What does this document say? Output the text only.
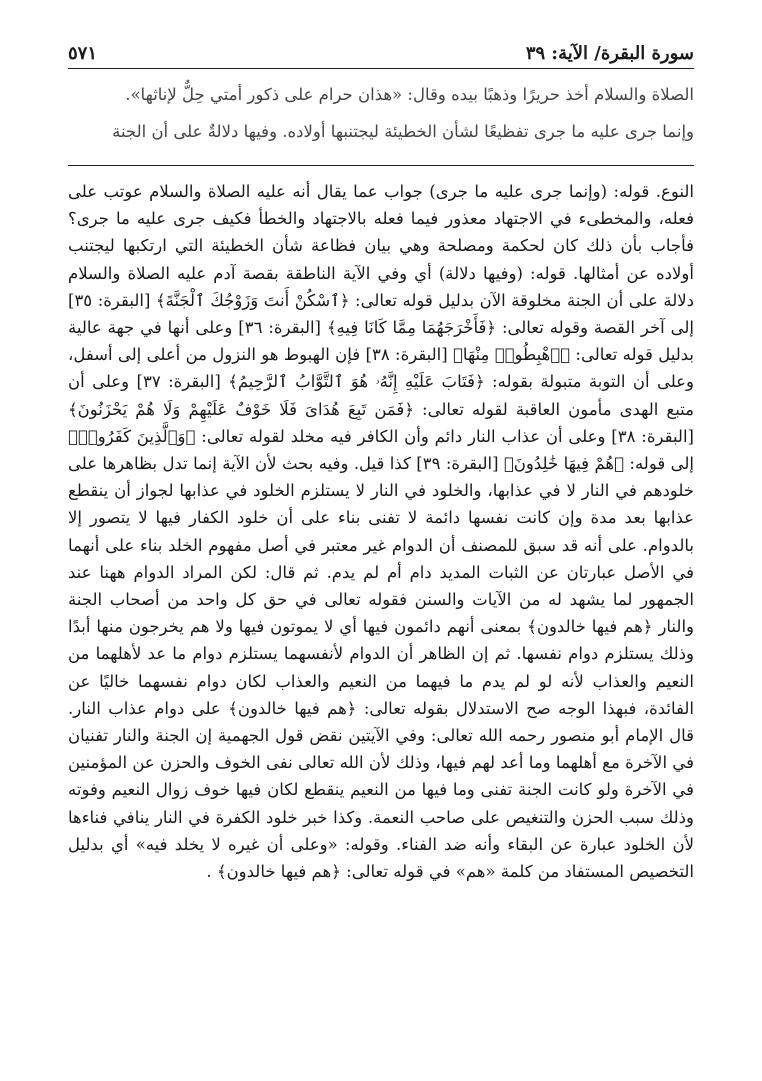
سورة البقرة/ الآية: ٣٩
٥٧١

الصلاة والسلام أخذ حريرًا وذهبًا بيده وقال: «هذان حرام على ذكور أمتي حِلٌّ لإناثها».

وإنما جرى عليه ما جرى تفظيعًا لشأن الخطيئة ليجتنبها أولاده. وفيها دلالةٌ على أن الجنة

النوع. قوله: (وإنما جرى عليه ما جرى) جواب عما يقال أنه عليه الصلاة والسلام عوتب على فعله، والمخطىء في الاجتهاد معذور فيما فعله بالاجتهاد والخطأ فكيف جرى عليه ما جرى؟ فأجاب بأن ذلك كان لحكمة ومصلحة وهي بيان فظاعة شأن الخطيئة التي ارتكبها ليجتنب أولاده عن أمثالها. قوله: (وفيها دلالة) أي وفي الآية الناطقة بقصة آدم عليه الصلاة والسلام دلالة على أن الجنة مخلوقة الآن بدليل قوله تعالى: ﴿ٱسْكُنْ أَنتَ وَزَوْجُكَ ٱلْجَنَّةَ﴾ [البقرة: ٣٥] إلى آخر القصة وقوله تعالى: ﴿فَأَخْرَجَهُمَا مِمَّا كَانَا فِيهِ﴾ [البقرة: ٣٦] وعلى أنها في جهة عالية بدليل قوله تعالى: ﴿ٱهْبِطُوا۟ مِنْهَا﴾ [البقرة: ٣٨] فإن الهبوط هو النزول من أعلى إلى أسفل، وعلى أن التوبة متبولة بقوله: ﴿فَتَابَ عَلَيْهِ إِنَّهُۥ هُوَ ٱلتَّوَّابُ ٱلرَّحِيمُ﴾ [البقرة: ٣٧] وعلى أن متبع الهدى مأمون العاقبة لقوله تعالى: ﴿فَمَن تَبِعَ هُدَاىَ فَلَا خَوْفٌ عَلَيْهِمْ وَلَا هُمْ يَحْزَنُونَ﴾ [البقرة: ٣٨] وعلى أن عذاب النار دائم وأن الكافر فيه مخلد لقوله تعالى: ﴿وَٱلَّذِينَ كَفَرُوا۟﴾ إلى قوله: ﴿هُمْ فِيهَا خَٰلِدُونَ﴾ [البقرة: ٣٩] كذا قيل. وفيه بحث لأن الآية إنما تدل بظاهرها على خلودهم في النار لا في عذابها، والخلود في النار لا يستلزم الخلود في عذابها لجواز أن ينقطع عذابها بعد مدة وإن كانت نفسها دائمة لا تفنى بناء على أن خلود الكفار فيها لا يتصور إلا بالدوام. على أنه قد سبق للمصنف أن الدوام غير معتبر في أصل مفهوم الخلد بناء على أنهما في الأصل عبارتان عن الثبات المديد دام أم لم يدم. ثم قال: لكن المراد الدوام ههنا عند الجمهور لما يشهد له من الآيات والسنن فقوله تعالى في حق كل واحد من أصحاب الجنة والنار ﴿هم فيها خالدون﴾ بمعنى أنهم دائمون فيها أي لا يموتون فيها ولا هم يخرجون منها أبدًا وذلك يستلزم دوام نفسها. ثم إن الظاهر أن الدوام لأنفسهما يستلزم دوام ما عد لأهلهما من النعيم والعذاب لأنه لو لم يدم ما فيهما من النعيم والعذاب لكان دوام نفسهما خاليًا عن الفائدة، فبهذا الوجه صح الاستدلال بقوله تعالى: ﴿هم فيها خالدون﴾ على دوام عذاب النار. قال الإمام أبو منصور رحمه الله تعالى: وفي الآيتين نقض قول الجهمية إن الجنة والنار تفنيان في الآخرة مع أهلهما وما أعد لهم فيها، وذلك لأن الله تعالى نفى الخوف والحزن عن المؤمنين في الآخرة ولو كانت الجنة تفنى وما فيها من النعيم ينقطع لكان فيها خوف زوال النعيم وفوته وذلك سبب الحزن والتنغيص على صاحب النعمة. وكذا خبر خلود الكفرة في النار ينافي فناءها لأن الخلود عبارة عن البقاء وأنه ضد الفناء. وقوله: «وعلى أن غيره لا يخلد فيه» أي بدليل التخصيص المستفاد من كلمة «هم» في قوله تعالى: ﴿هم فيها خالدون﴾ .
